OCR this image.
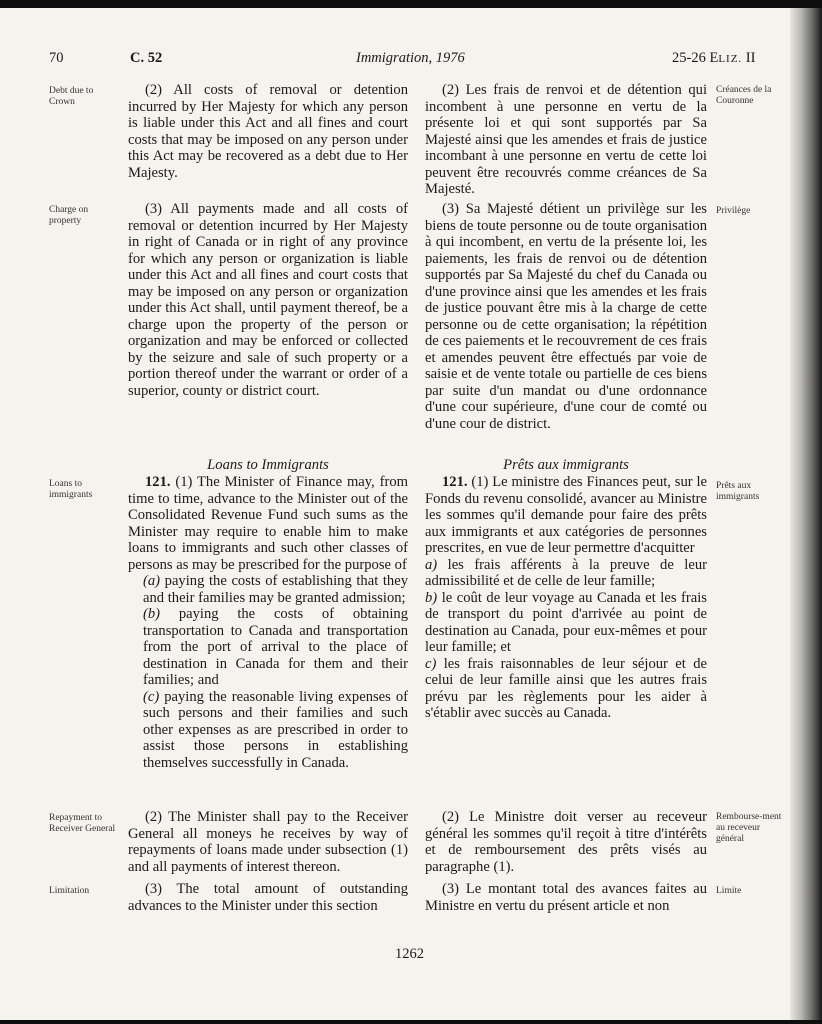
70	C. 52	Immigration, 1976	25-26 ELIZ. II
Debt due to Crown
Créances de la Couronne

(2) All costs of removal or detention incurred by Her Majesty for which any person is liable under this Act and all fines and court costs that may be imposed on any person under this Act may be recovered as a debt due to Her Majesty.

(2) Les frais de renvoi et de détention qui incombent à une personne en vertu de la présente loi et qui sont supportés par Sa Majesté ainsi que les amendes et frais de justice incombant à une personne en vertu de cette loi peuvent être recouvrés comme créances de Sa Majesté.

Charge on property
Privilège

(3) All payments made and all costs of removal or detention incurred by Her Majesty in right of Canada or in right of any province for which any person or organization is liable under this Act and all fines and court costs that may be imposed on any person or organization under this Act shall, until payment thereof, be a charge upon the property of the person or organization and may be enforced or collected by the seizure and sale of such property or a portion thereof under the warrant or order of a superior, county or district court.

(3) Sa Majesté détient un privilège sur les biens de toute personne ou de toute organisation à qui incombent, en vertu de la présente loi, les paiements, les frais de renvoi ou de détention supportés par Sa Majesté du chef du Canada ou d'une province ainsi que les amendes et les frais de justice pouvant être mis à la charge de cette personne ou de cette organisation; la répétition de ces paiements et le recouvrement de ces frais et amendes peuvent être effectués par voie de saisie et de vente totale ou partielle de ces biens par suite d'un mandat ou d'une ordonnance d'une cour supérieure, d'une cour de comté ou d'une cour de district.

Loans to Immigrants	Prêts aux immigrants
Loans to immigrants
Prêts aux immigrants

121. (1) The Minister of Finance may, from time to time, advance to the Minister out of the Consolidated Revenue Fund such sums as the Minister may require to enable him to make loans to immigrants and such other classes of persons as may be prescribed for the purpose of

(a) paying the costs of establishing that they and their families may be granted admission;

(b) paying the costs of obtaining transportation to Canada and transportation from the port of arrival to the place of destination in Canada for them and their families; and

(c) paying the reasonable living expenses of such persons and their families and such other expenses as are prescribed in order to assist those persons in establishing themselves successfully in Canada.

121. (1) Le ministre des Finances peut, sur le Fonds du revenu consolidé, avancer au Ministre les sommes qu'il demande pour faire des prêts aux immigrants et aux catégories de personnes prescrites, en vue de leur permettre d'acquitter

a) les frais afférents à la preuve de leur admissibilité et de celle de leur famille;

b) le coût de leur voyage au Canada et les frais de transport du point d'arrivée au point de destination au Canada, pour eux-mêmes et pour leur famille; et

c) les frais raisonnables de leur séjour et de celui de leur famille ainsi que les autres frais prévu par les règlements pour les aider à s'établir avec succès au Canada.

Repayment to Receiver General
Rembourse-ment au receveur général

(2) The Minister shall pay to the Receiver General all moneys he receives by way of repayments of loans made under subsection (1) and all payments of interest thereon.

(2) Le Ministre doit verser au receveur général les sommes qu'il reçoit à titre d'intérêts et de remboursement des prêts visés au paragraphe (1).

Limitation	Limite

(3) The total amount of outstanding advances to the Minister under this section

(3) Le montant total des avances faites au Ministre en vertu du présent article et non

1262
